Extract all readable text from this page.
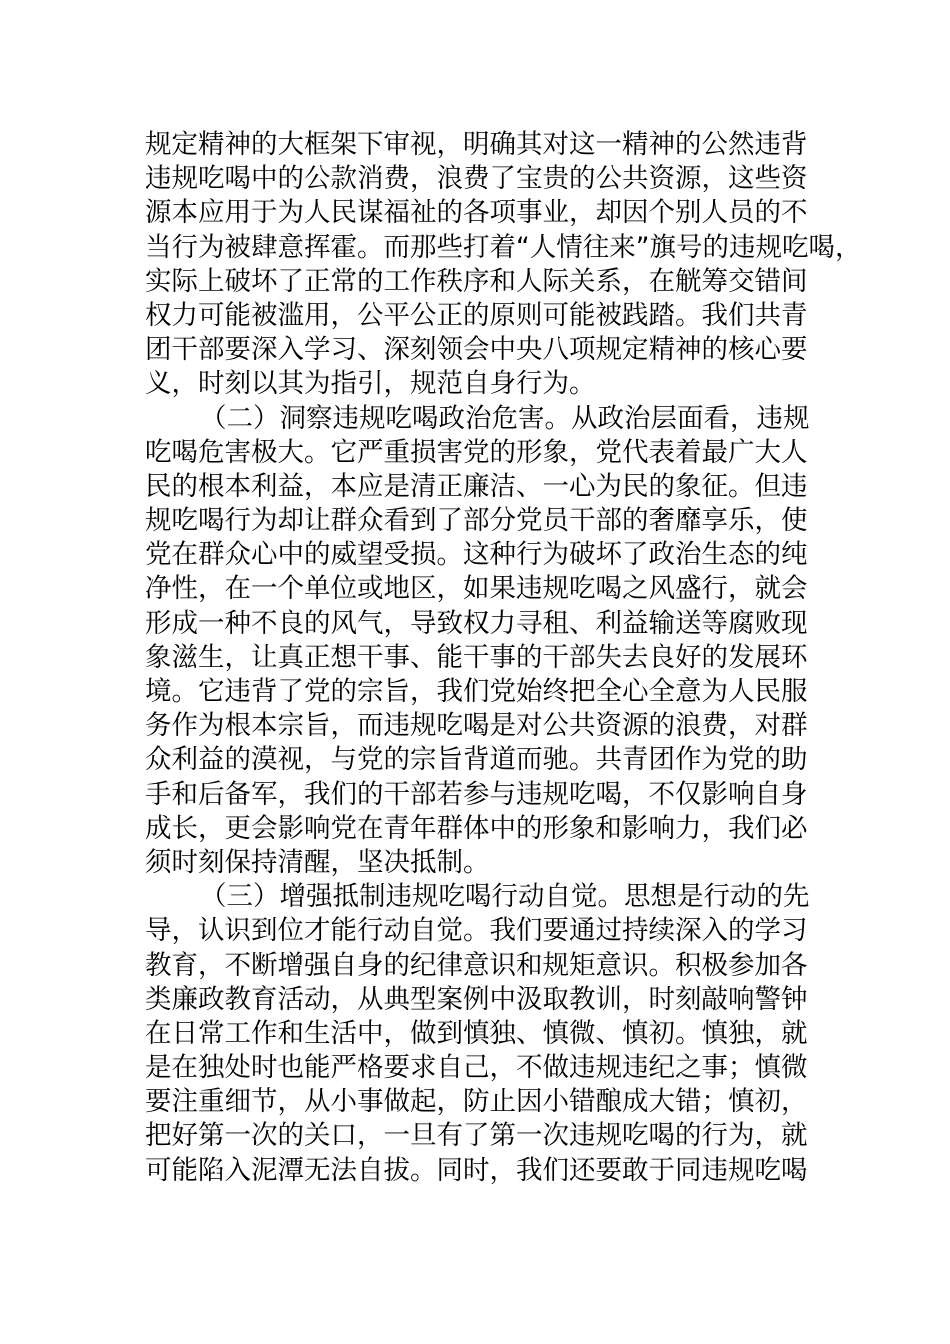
规定精神的大框架下审视，明确其对这一精神的公然违背
违规吃喝中的公款消费，浪费了宝贵的公共资源，这些资
源本应用于为人民谋福祉的各项事业，却因个别人员的不
当行为被肆意挥霍。而那些打着“人情往来”旗号的违规吃喝，
实际上破坏了正常的工作秩序和人际关系，在觥筹交错间
权力可能被滥用，公平公正的原则可能被践踏。我们共青
团干部要深入学习、深刻领会中央八项规定精神的核心要
义，时刻以其为指引，规范自身行为。
（二）洞察违规吃喝政治危害。从政治层面看，违规
吃喝危害极大。它严重损害党的形象，党代表着最广大人
民的根本利益，本应是清正廉洁、一心为民的象征。但违
规吃喝行为却让群众看到了部分党员干部的奢靡享乐，使
党在群众心中的威望受损。这种行为破坏了政治生态的纯
净性，在一个单位或地区，如果违规吃喝之风盛行，就会
形成一种不良的风气，导致权力寻租、利益输送等腐败现
象滋生，让真正想干事、能干事的干部失去良好的发展环
境。它违背了党的宗旨，我们党始终把全心全意为人民服
务作为根本宗旨，而违规吃喝是对公共资源的浪费，对群
众利益的漠视，与党的宗旨背道而驰。共青团作为党的助
手和后备军，我们的干部若参与违规吃喝，不仅影响自身
成长，更会影响党在青年群体中的形象和影响力，我们必
须时刻保持清醒，坚决抵制。
（三）增强抵制违规吃喝行动自觉。思想是行动的先
导，认识到位才能行动自觉。我们要通过持续深入的学习
教育，不断增强自身的纪律意识和规矩意识。积极参加各
类廉政教育活动，从典型案例中汲取教训，时刻敲响警钟
在日常工作和生活中，做到慎独、慎微、慎初。慎独，就
是在独处时也能严格要求自己，不做违规违纪之事；慎微
要注重细节，从小事做起，防止因小错酿成大错；慎初，
把好第一次的关口，一旦有了第一次违规吃喝的行为，就
可能陷入泥潭无法自拔。同时，我们还要敢于同违规吃喝
